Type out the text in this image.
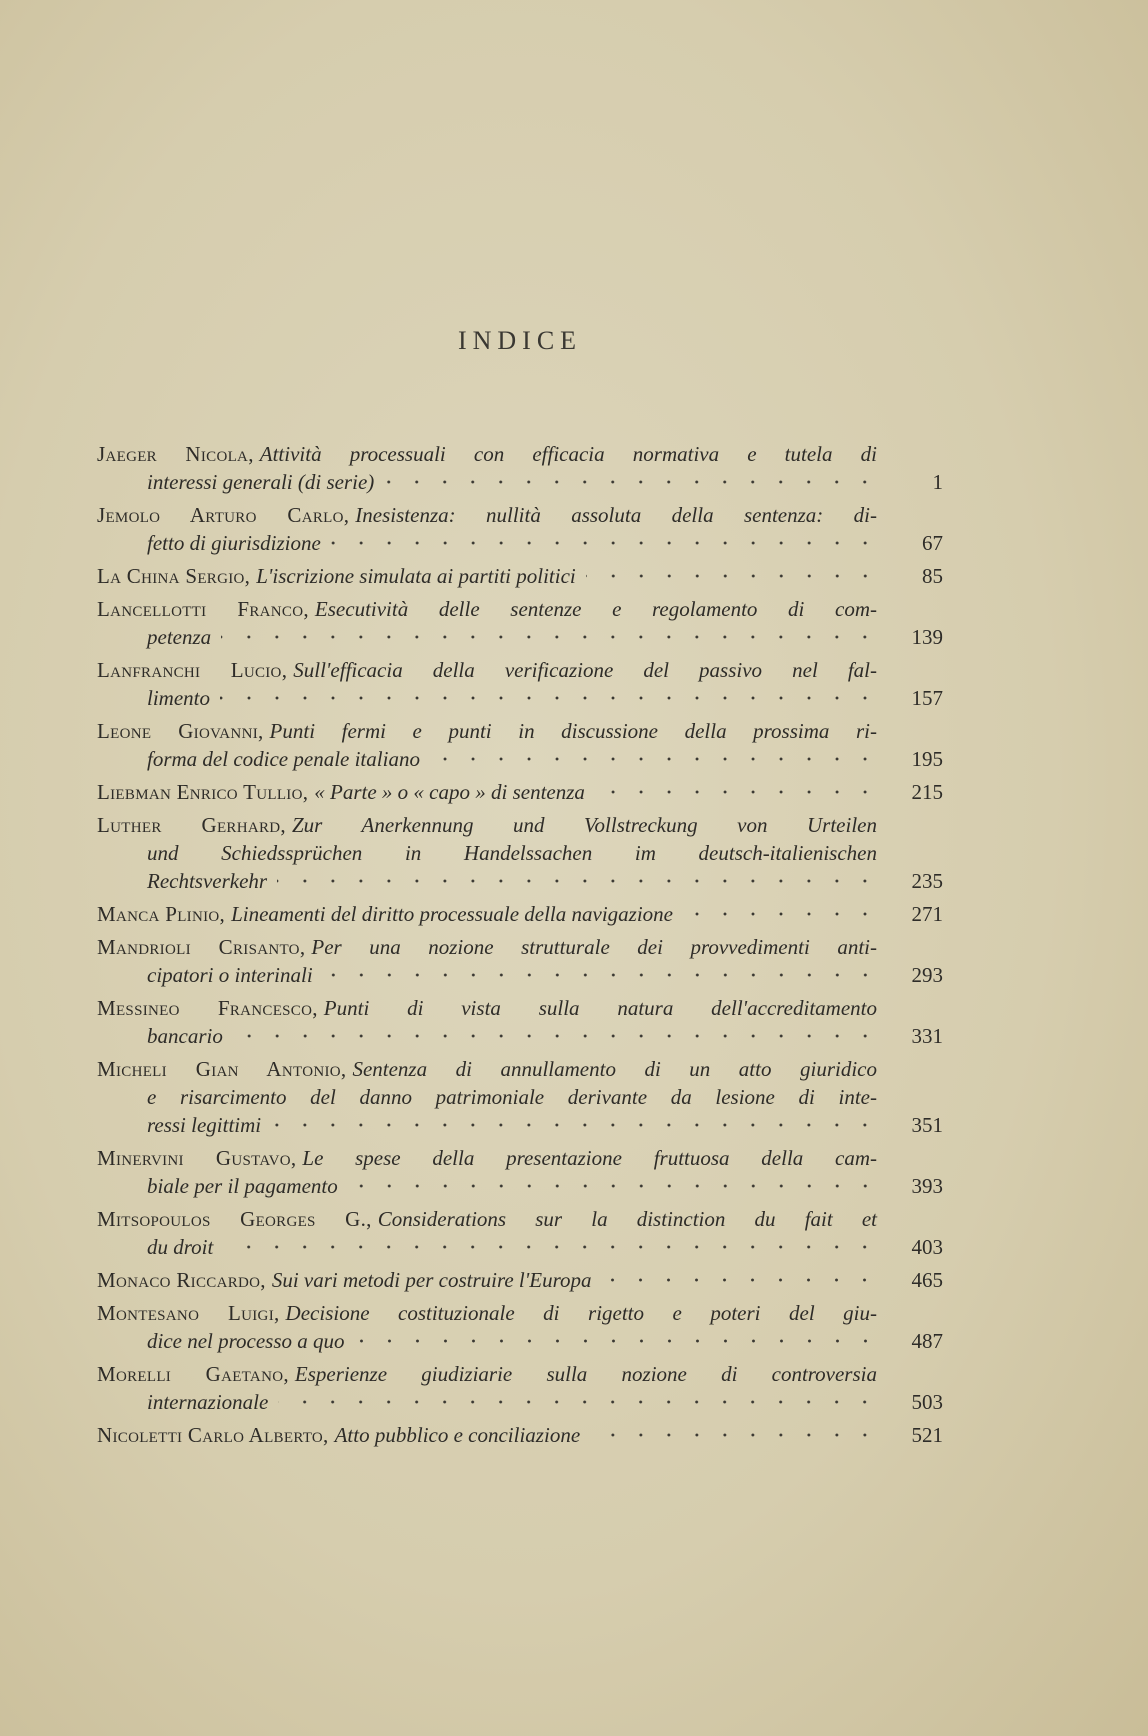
INDICE
Jaeger Nicola, Attività processuali con efficacia normativa e tutela di
interessi generali (di serie)	1
Jemolo Arturo Carlo, Inesistenza: nullità assoluta della sentenza: di-
fetto di giurisdizione	67
La China Sergio, L'iscrizione simulata ai partiti politici	85
Lancellotti Franco, Esecutività delle sentenze e regolamento di com-
petenza	139
Lanfranchi Lucio, Sull'efficacia della verificazione del passivo nel fal-
limento	157
Leone Giovanni, Punti fermi e punti in discussione della prossima ri-
forma del codice penale italiano	195
Liebman Enrico Tullio, « Parte » o « capo » di sentenza	215
Luther Gerhard, Zur Anerkennung und Vollstreckung von Urteilen
und Schiedssprüchen in Handelssachen im deutsch-italienischen
Rechtsverkehr	235
Manca Plinio, Lineamenti del diritto processuale della navigazione	271
Mandrioli Crisanto, Per una nozione strutturale dei provvedimenti anti-
cipatori o interinali	293
Messineo Francesco, Punti di vista sulla natura dell'accreditamento
bancario	331
Micheli Gian Antonio, Sentenza di annullamento di un atto giuridico
e risarcimento del danno patrimoniale derivante da lesione di inte-
ressi legittimi	351
Minervini Gustavo, Le spese della presentazione fruttuosa della cam-
biale per il pagamento	393
Mitsopoulos Georges G., Considerations sur la distinction du fait et
du droit	403
Monaco Riccardo, Sui vari metodi per costruire l'Europa	465
Montesano Luigi, Decisione costituzionale di rigetto e poteri del giu-
dice nel processo a quo	487
Morelli Gaetano, Esperienze giudiziarie sulla nozione di controversia
internazionale	503
Nicoletti Carlo Alberto, Atto pubblico e conciliazione	521
